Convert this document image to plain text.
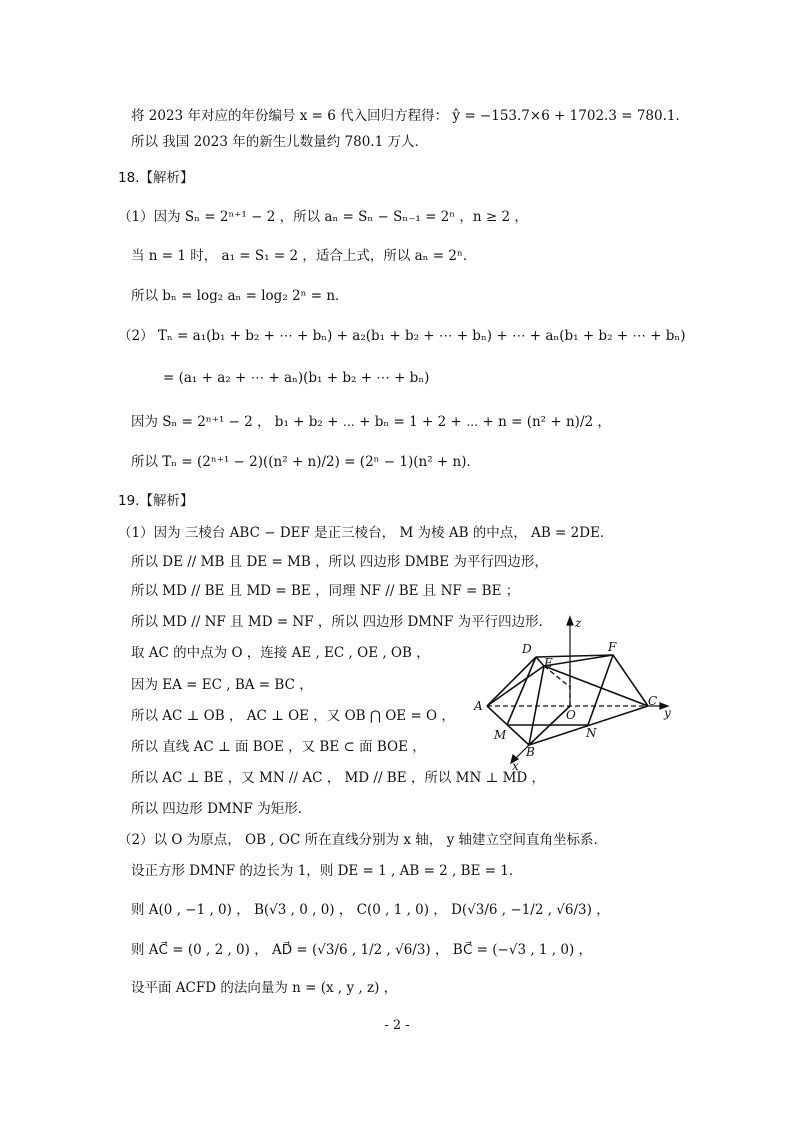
将 2023 年对应的年份编号 x = 6 代入回归方程得： ŷ = −153.7×6 + 1702.3 = 780.1．
所以 我国 2023 年的新生儿数量约 780.1 万人．
18.【解析】
（1）因为 Sₙ = 2ⁿ⁺¹ − 2 ，所以 aₙ = Sₙ − Sₙ₋₁ = 2ⁿ ，n ≥ 2 ，
当 n = 1 时， a₁ = S₁ = 2 ，适合上式，所以 aₙ = 2ⁿ．
所以 bₙ = log₂ aₙ = log₂ 2ⁿ = n．
（2） Tₙ = a₁(b₁ + b₂ + ⋯ + bₙ) + a₂(b₁ + b₂ + ⋯ + bₙ) + ⋯ + aₙ(b₁ + b₂ + ⋯ + bₙ)
= (a₁ + a₂ + ⋯ + aₙ)(b₁ + b₂ + ⋯ + bₙ)
因为 Sₙ = 2ⁿ⁺¹ − 2 ， b₁ + b₂ + ⋯ + bₙ = 1 + 2 + ⋯ + n = (n² + n)/2 ，
所以 Tₙ = (2ⁿ⁺¹ − 2)((n² + n)/2) = (2ⁿ − 1)(n² + n)．
19.【解析】
（1）因为 三棱台 ABC − DEF 是正三棱台， M 为棱 AB 的中点， AB = 2DE．
所以 DE // MB 且 DE = MB ，所以 四边形 DMBE 为平行四边形，
所以 MD // BE 且 MD = BE ，同理 NF // BE 且 NF = BE ；
所以 MD // NF 且 MD = NF ，所以 四边形 DMNF 为平行四边形．
取 AC 的中点为 O ，连接 AE , EC , OE , OB ，
因为 EA = EC , BA = BC ，
所以 AC ⊥ OB ， AC ⊥ OE ，又 OB ⋂ OE = O ，
所以 直线 AC ⊥ 面 BOE ，又 BE ⊂ 面 BOE ，
所以 AC ⊥ BE ，又 MN // AC ， MD // BE ，所以 MN ⊥ MD ，
所以 四边形 DMNF 为矩形．
（2）以 O 为原点， OB , OC 所在直线分别为 x 轴， y 轴建立空间直角坐标系．
设正方形 DMNF 的边长为 1，则 DE = 1 , AB = 2 , BE = 1．
则 A(0 , −1 , 0) ， B(√3 , 0 , 0) ， C(0 , 1 , 0) ， D(√3/6 , −1/2 , √6/3) ，
则 AC⃗ = (0 , 2 , 0) ， AD⃗ = (√3/6 , 1/2 , √6/3) ， BC⃗ = (−√3 , 1 , 0) ，
设平面 ACFD 的法向量为 n = (x , y , z) ，
D
E
F
z
A
O
C
y
M
B
N
x
- 2 -
